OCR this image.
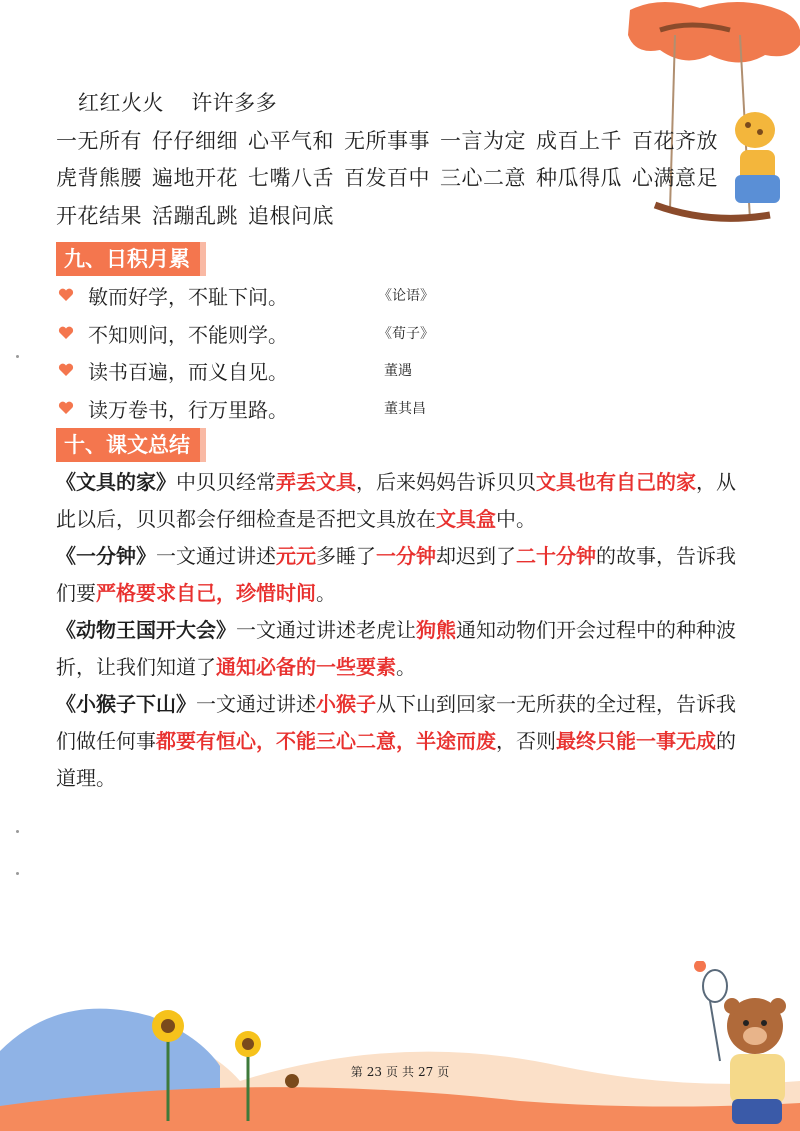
红红火火 许许多多
一无所有 仔仔细细 心平气和 无所事事 一言为定 成百上千 百花齐放
虎背熊腰 遍地开花 七嘴八舌 百发百中 三心二意 种瓜得瓜 心满意足
开花结果 活蹦乱跳 追根问底
九、日积月累
敏而好学，不耻下问。	《论语》
不知则问，不能则学。	《荀子》
读书百遍，而义自见。	董遇
读万卷书，行万里路。	董其昌
十、课文总结

《文具的家》中贝贝经常弄丢文具，后来妈妈告诉贝贝文具也有自己的家，从此以后，贝贝都会仔细检查是否把文具放在文具盒中。

《一分钟》一文通过讲述元元多睡了一分钟却迟到了二十分钟的故事，告诉我们要严格要求自己，珍惜时间。

《动物王国开大会》一文通过讲述老虎让狗熊通知动物们开会过程中的种种波折，让我们知道了通知必备的一些要素。

《小猴子下山》一文通过讲述小猴子从下山到回家一无所获的全过程，告诉我们做任何事都要有恒心，不能三心二意，半途而废，否则最终只能一事无成的道理。

第 23 页 共 27 页
